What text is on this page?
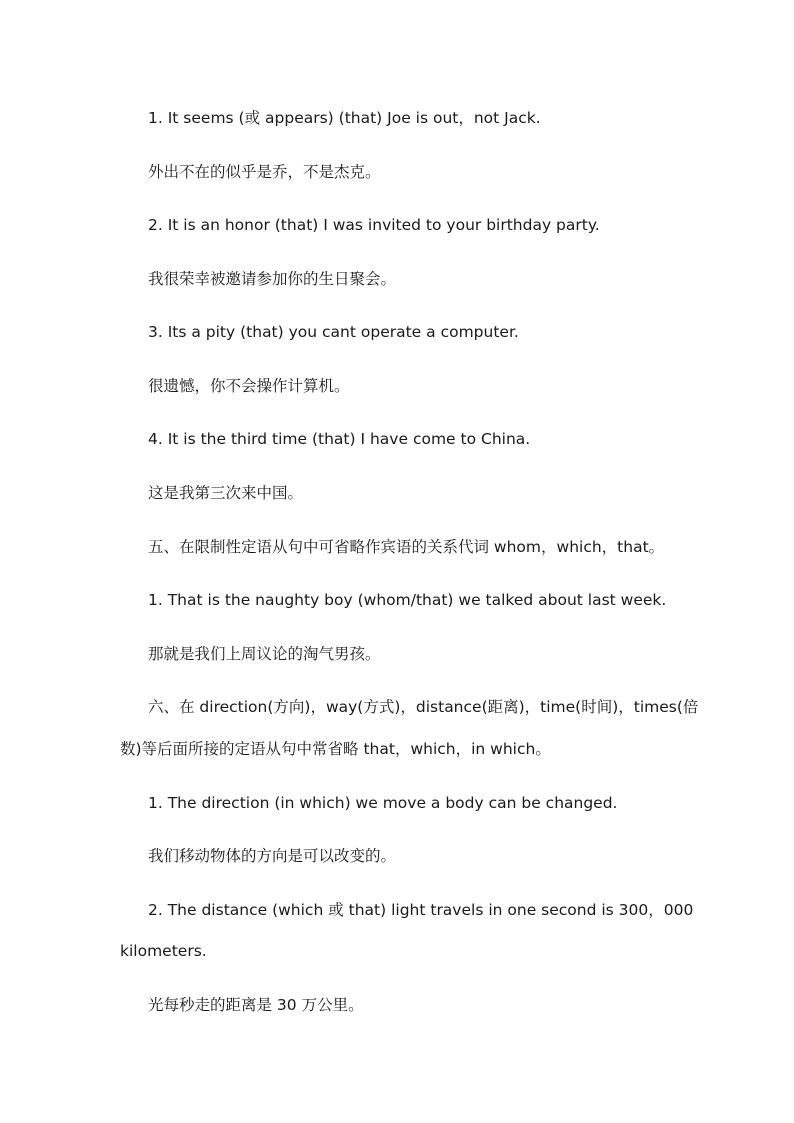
1. It seems (或 appears) (that) Joe is out，not Jack.

外出不在的似乎是乔，不是杰克。

2. It is an honor (that) I was invited to your birthday party.

我很荣幸被邀请参加你的生日聚会。

3. Its a pity (that) you cant operate a computer.

很遗憾，你不会操作计算机。

4. It is the third time (that) I have come to China.

这是我第三次来中国。

五、在限制性定语从句中可省略作宾语的关系代词 whom，which，that。

1. That is the naughty boy (whom/that) we talked about last week.

那就是我们上周议论的淘气男孩。

六、在 direction(方向)，way(方式)，distance(距离)，time(时间)，times(倍

数)等后面所接的定语从句中常省略 that，which，in which。

1. The direction (in which) we move a body can be changed.

我们移动物体的方向是可以改变的。

2. The distance (which 或 that) light travels in one second is 300，000

kilometers.

光每秒走的距离是 30 万公里。
